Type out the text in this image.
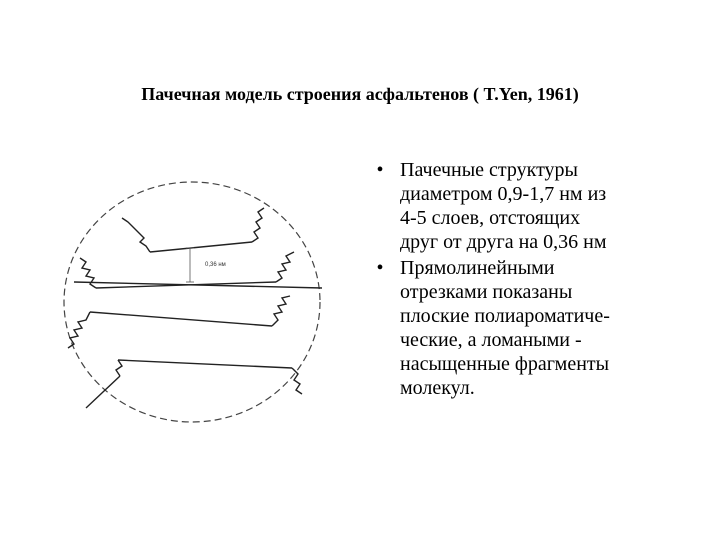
Пачечная модель строения асфальтенов ( T.Yen, 1961)
0,36 нм
• Пачечные структуры
диаметром 0,9-1,7 нм из
4-5 слоев, отстоящих
друг от друга на 0,36 нм
• Прямолинейными
отрезками показаны
плоские полиароматиче-
ческие, а ломаными -
насыщенные фрагменты
молекул.
